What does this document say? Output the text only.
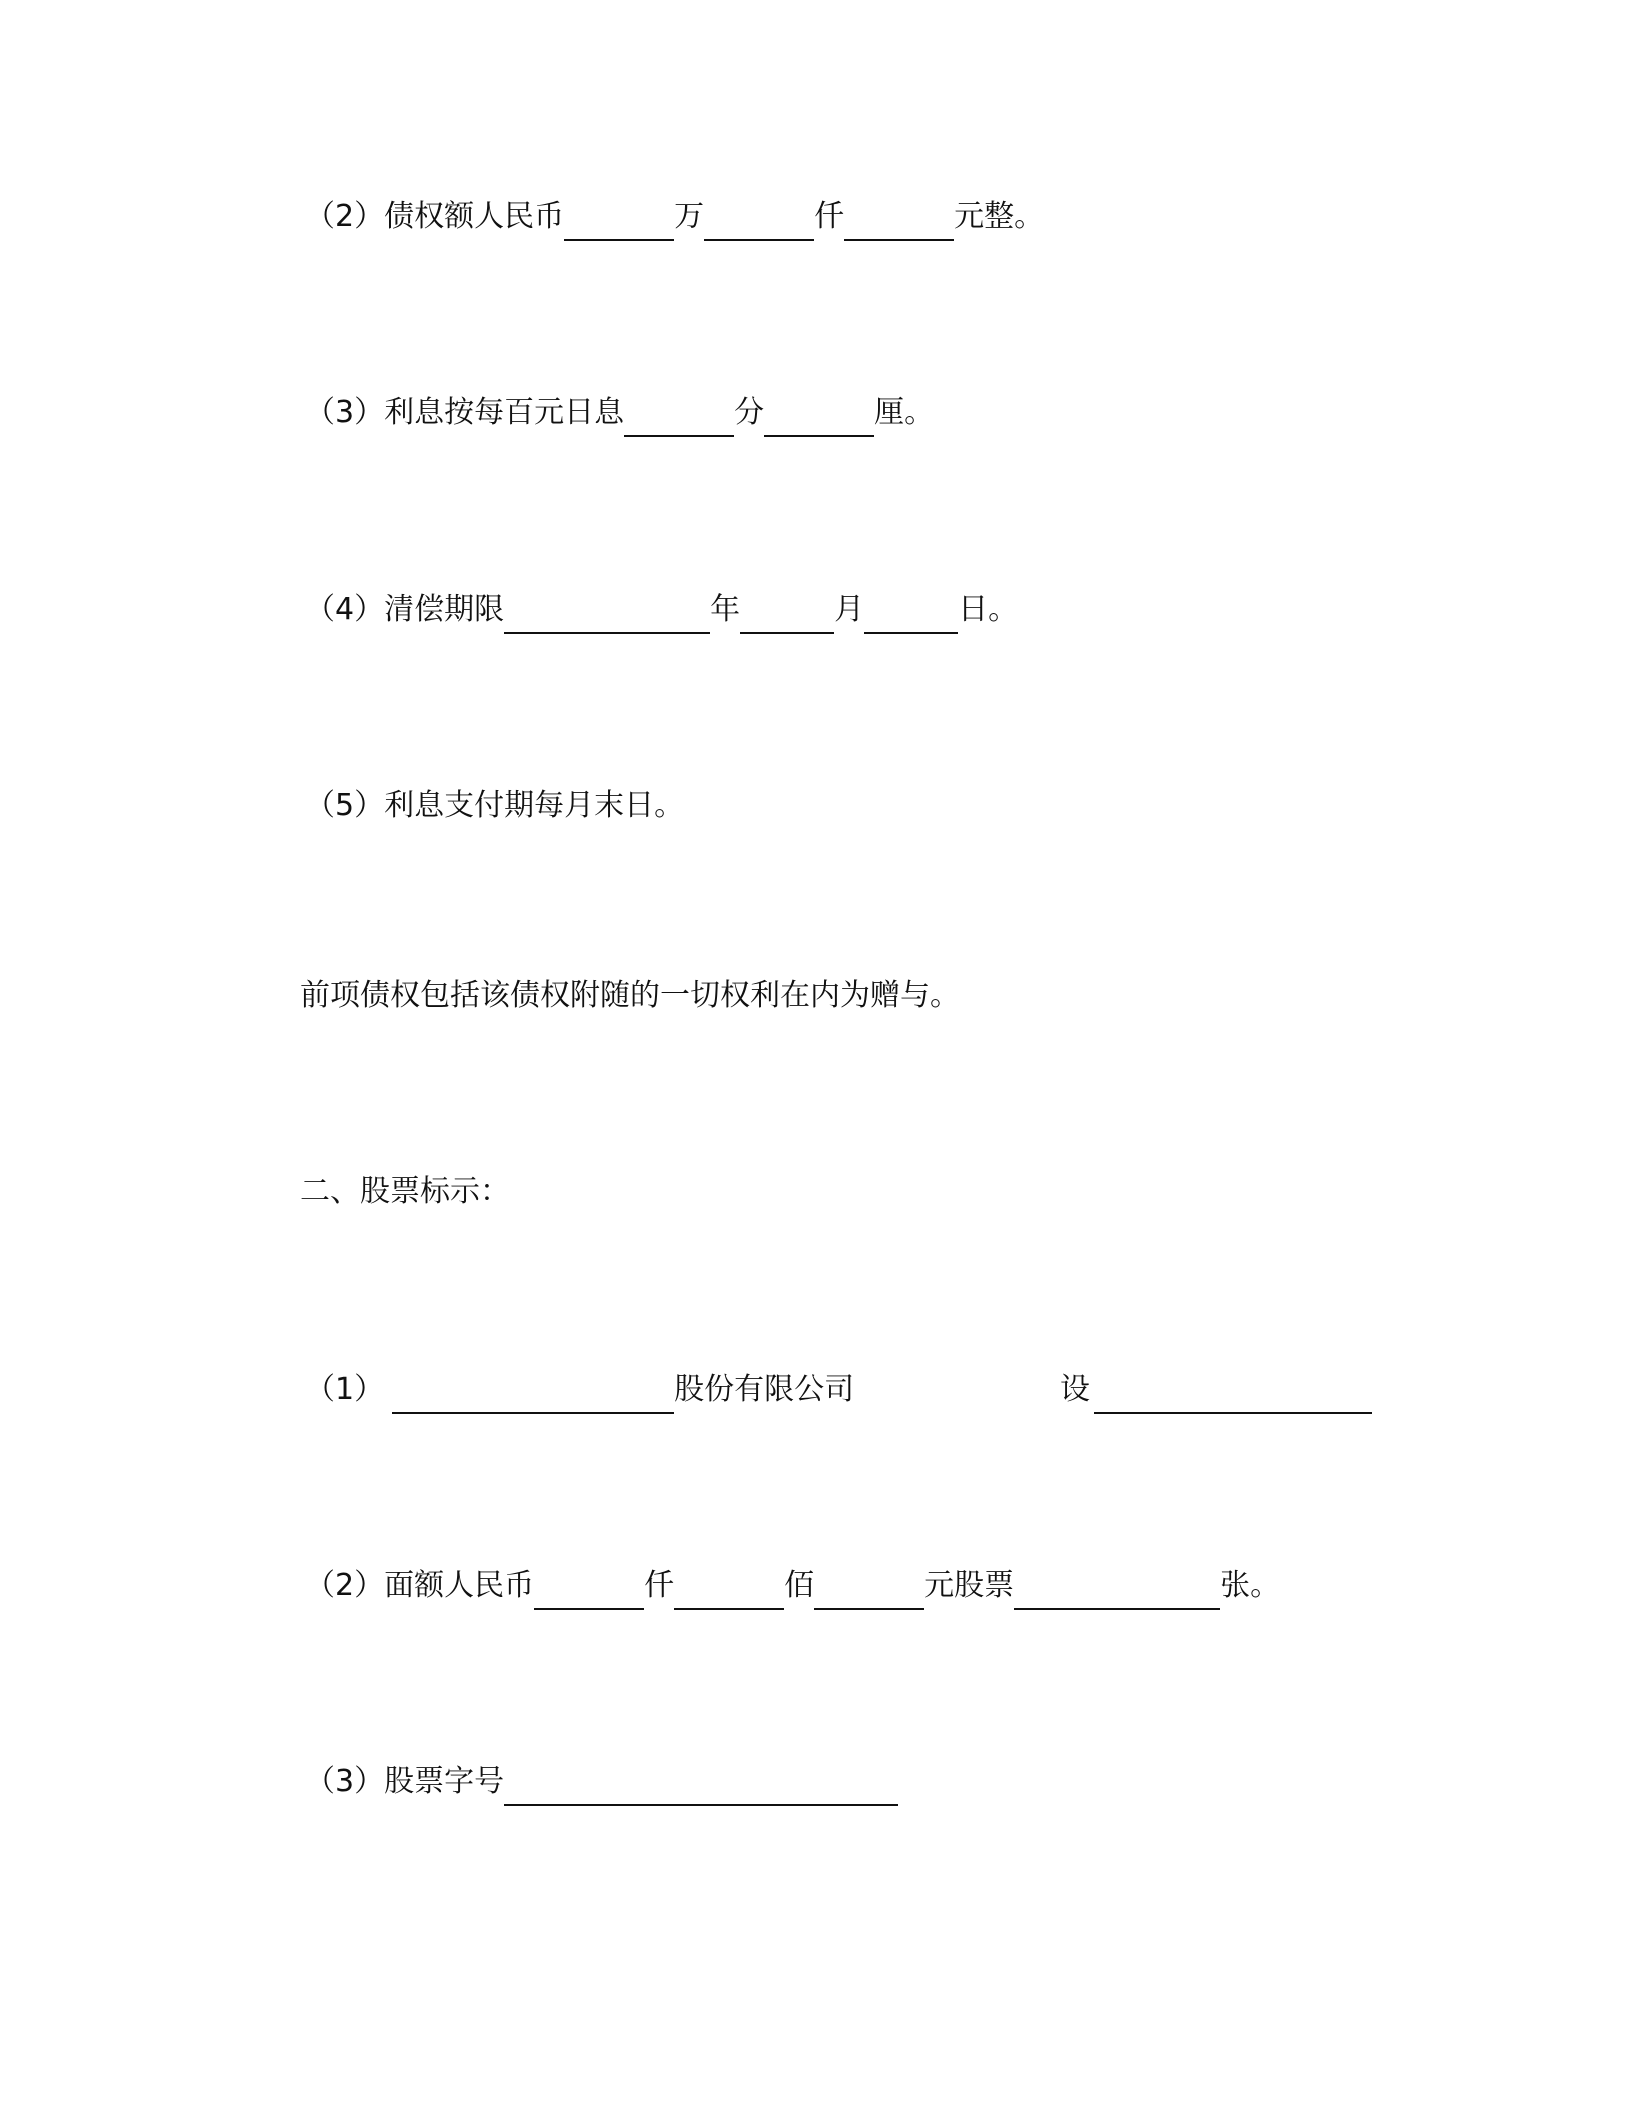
（2）债权额人民币	万	仟	元整。
（3）利息按每百元日息	分	厘。
（4）清偿期限	年	月	日。
（5）利息支付期每月末日。
前项债权包括该债权附随的一切权利在内为赠与。
二、股票标示：
（1）	股份有限公司	设
（2）面额人民币	仟	佰	元股票	张。
（3）股票字号
